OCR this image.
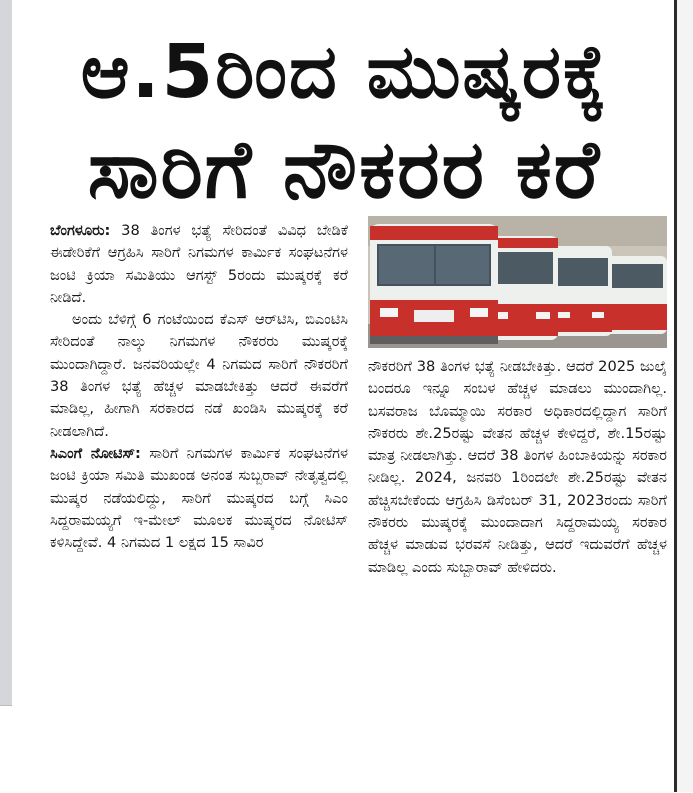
ಆ.5ರಿಂದ ಮುಷ್ಕರಕ್ಕೆ
ಸಾರಿಗೆ ನೌಕರರ ಕರೆ

ಬೆಂಗಳೂರು: 38 ತಿಂಗಳ ಭತ್ಯೆ ಸೇರಿದಂತೆ ವಿವಿಧ ಬೇಡಿಕೆ ಈಡೇರಿಕೆಗೆ ಆಗ್ರಹಿಸಿ ಸಾರಿಗೆ ನಿಗಮಗಳ ಕಾರ್ಮಿಕ ಸಂಘಟನೆಗಳ ಜಂಟಿ ಕ್ರಿಯಾ ಸಮಿತಿಯು ಆಗಸ್ಟ್ 5ರಂದು ಮುಷ್ಕರಕ್ಕೆ ಕರೆ ನೀಡಿದೆ.

ಅಂದು ಬೆಳಿಗ್ಗೆ 6 ಗಂಟೆಯಿಂದ ಕೆಎಸ್ ಆರ್‌ಟಿಸಿ, ಬಿಎಂಟಿಸಿ ಸೇರಿದಂತೆ ನಾಲ್ಕು ನಿಗಮಗಳ ನೌಕರರು ಮುಷ್ಕರಕ್ಕೆ ಮುಂದಾಗಿದ್ದಾರೆ. ಜನವರಿಯಲ್ಲೇ 4 ನಿಗಮದ ಸಾರಿಗೆ ನೌಕರರಿಗೆ 38 ತಿಂಗಳ ಭತ್ಯೆ ಹೆಚ್ಚಳ ಮಾಡಬೇಕಿತ್ತು ಆದರೆ ಈವರೆಗೆ ಮಾಡಿಲ್ಲ, ಹೀಗಾಗಿ ಸರಕಾರದ ನಡೆ ಖಂಡಿಸಿ ಮುಷ್ಕರಕ್ಕೆ ಕರೆ ನೀಡಲಾಗಿದೆ.

ಸಿಎಂಗೆ ನೋಟಿಸ್: ಸಾರಿಗೆ ನಿಗಮಗಳ ಕಾರ್ಮಿಕ ಸಂಘಟನೆಗಳ ಜಂಟಿ ಕ್ರಿಯಾ ಸಮಿತಿ ಮುಖಂಡ ಅನಂತ ಸುಬ್ಬರಾವ್ ನೇತೃತ್ವದಲ್ಲಿ ಮುಷ್ಕರ ನಡೆಯಲಿದ್ದು, ಸಾರಿಗೆ ಮುಷ್ಕರದ ಬಗ್ಗೆ ಸಿಎಂ ಸಿದ್ದರಾಮಯ್ಯಗೆ ಇ-ಮೇಲ್ ಮೂಲಕ ಮುಷ್ಕರದ ನೋಟಿಸ್ ಕಳಿಸಿದ್ದೇವೆ. 4 ನಿಗಮದ 1 ಲಕ್ಷದ 15 ಸಾವಿರ

ನೌಕರರಿಗೆ 38 ತಿಂಗಳ ಭತ್ಯೆ ನೀಡಬೇಕಿತ್ತು. ಆದರೆ 2025 ಜುಲೈ ಬಂದರೂ ಇನ್ನೂ ಸಂಬಳ ಹೆಚ್ಚಳ ಮಾಡಲು ಮುಂದಾಗಿಲ್ಲ. ಬಸವರಾಜ ಬೊಮ್ಮಾಯಿ ಸರಕಾರ ಅಧಿಕಾರದಲ್ಲಿದ್ದಾಗ ಸಾರಿಗೆ ನೌಕರರು ಶೇ.25ರಷ್ಟು ವೇತನ ಹೆಚ್ಚಳ ಕೇಳಿದ್ದರೆ, ಶೇ.15ರಷ್ಟು ಮಾತ್ರ ನೀಡಲಾಗಿತ್ತು. ಆದರೆ 38 ತಿಂಗಳ ಹಿಂಬಾಕಿಯನ್ನು ಸರಕಾರ ನೀಡಿಲ್ಲ. 2024, ಜನವರಿ 1ರಿಂದಲೇ ಶೇ.25ರಷ್ಟು ವೇತನ ಹೆಚ್ಚಿಸಬೇಕೆಂದು ಆಗ್ರಹಿಸಿ ಡಿಸೆಂಬರ್ 31, 2023ರಂದು ಸಾರಿಗೆ ನೌಕರರು ಮುಷ್ಕರಕ್ಕೆ ಮುಂದಾದಾಗ ಸಿದ್ದರಾಮಯ್ಯ ಸರಕಾರ ಹೆಚ್ಚಳ ಮಾಡುವ ಭರವಸೆ ನೀಡಿತ್ತು, ಆದರೆ ಇದುವರೆಗೆ ಹೆಚ್ಚಳ ಮಾಡಿಲ್ಲ ಎಂದು ಸುಬ್ಬಾರಾವ್ ಹೇಳಿದರು.
